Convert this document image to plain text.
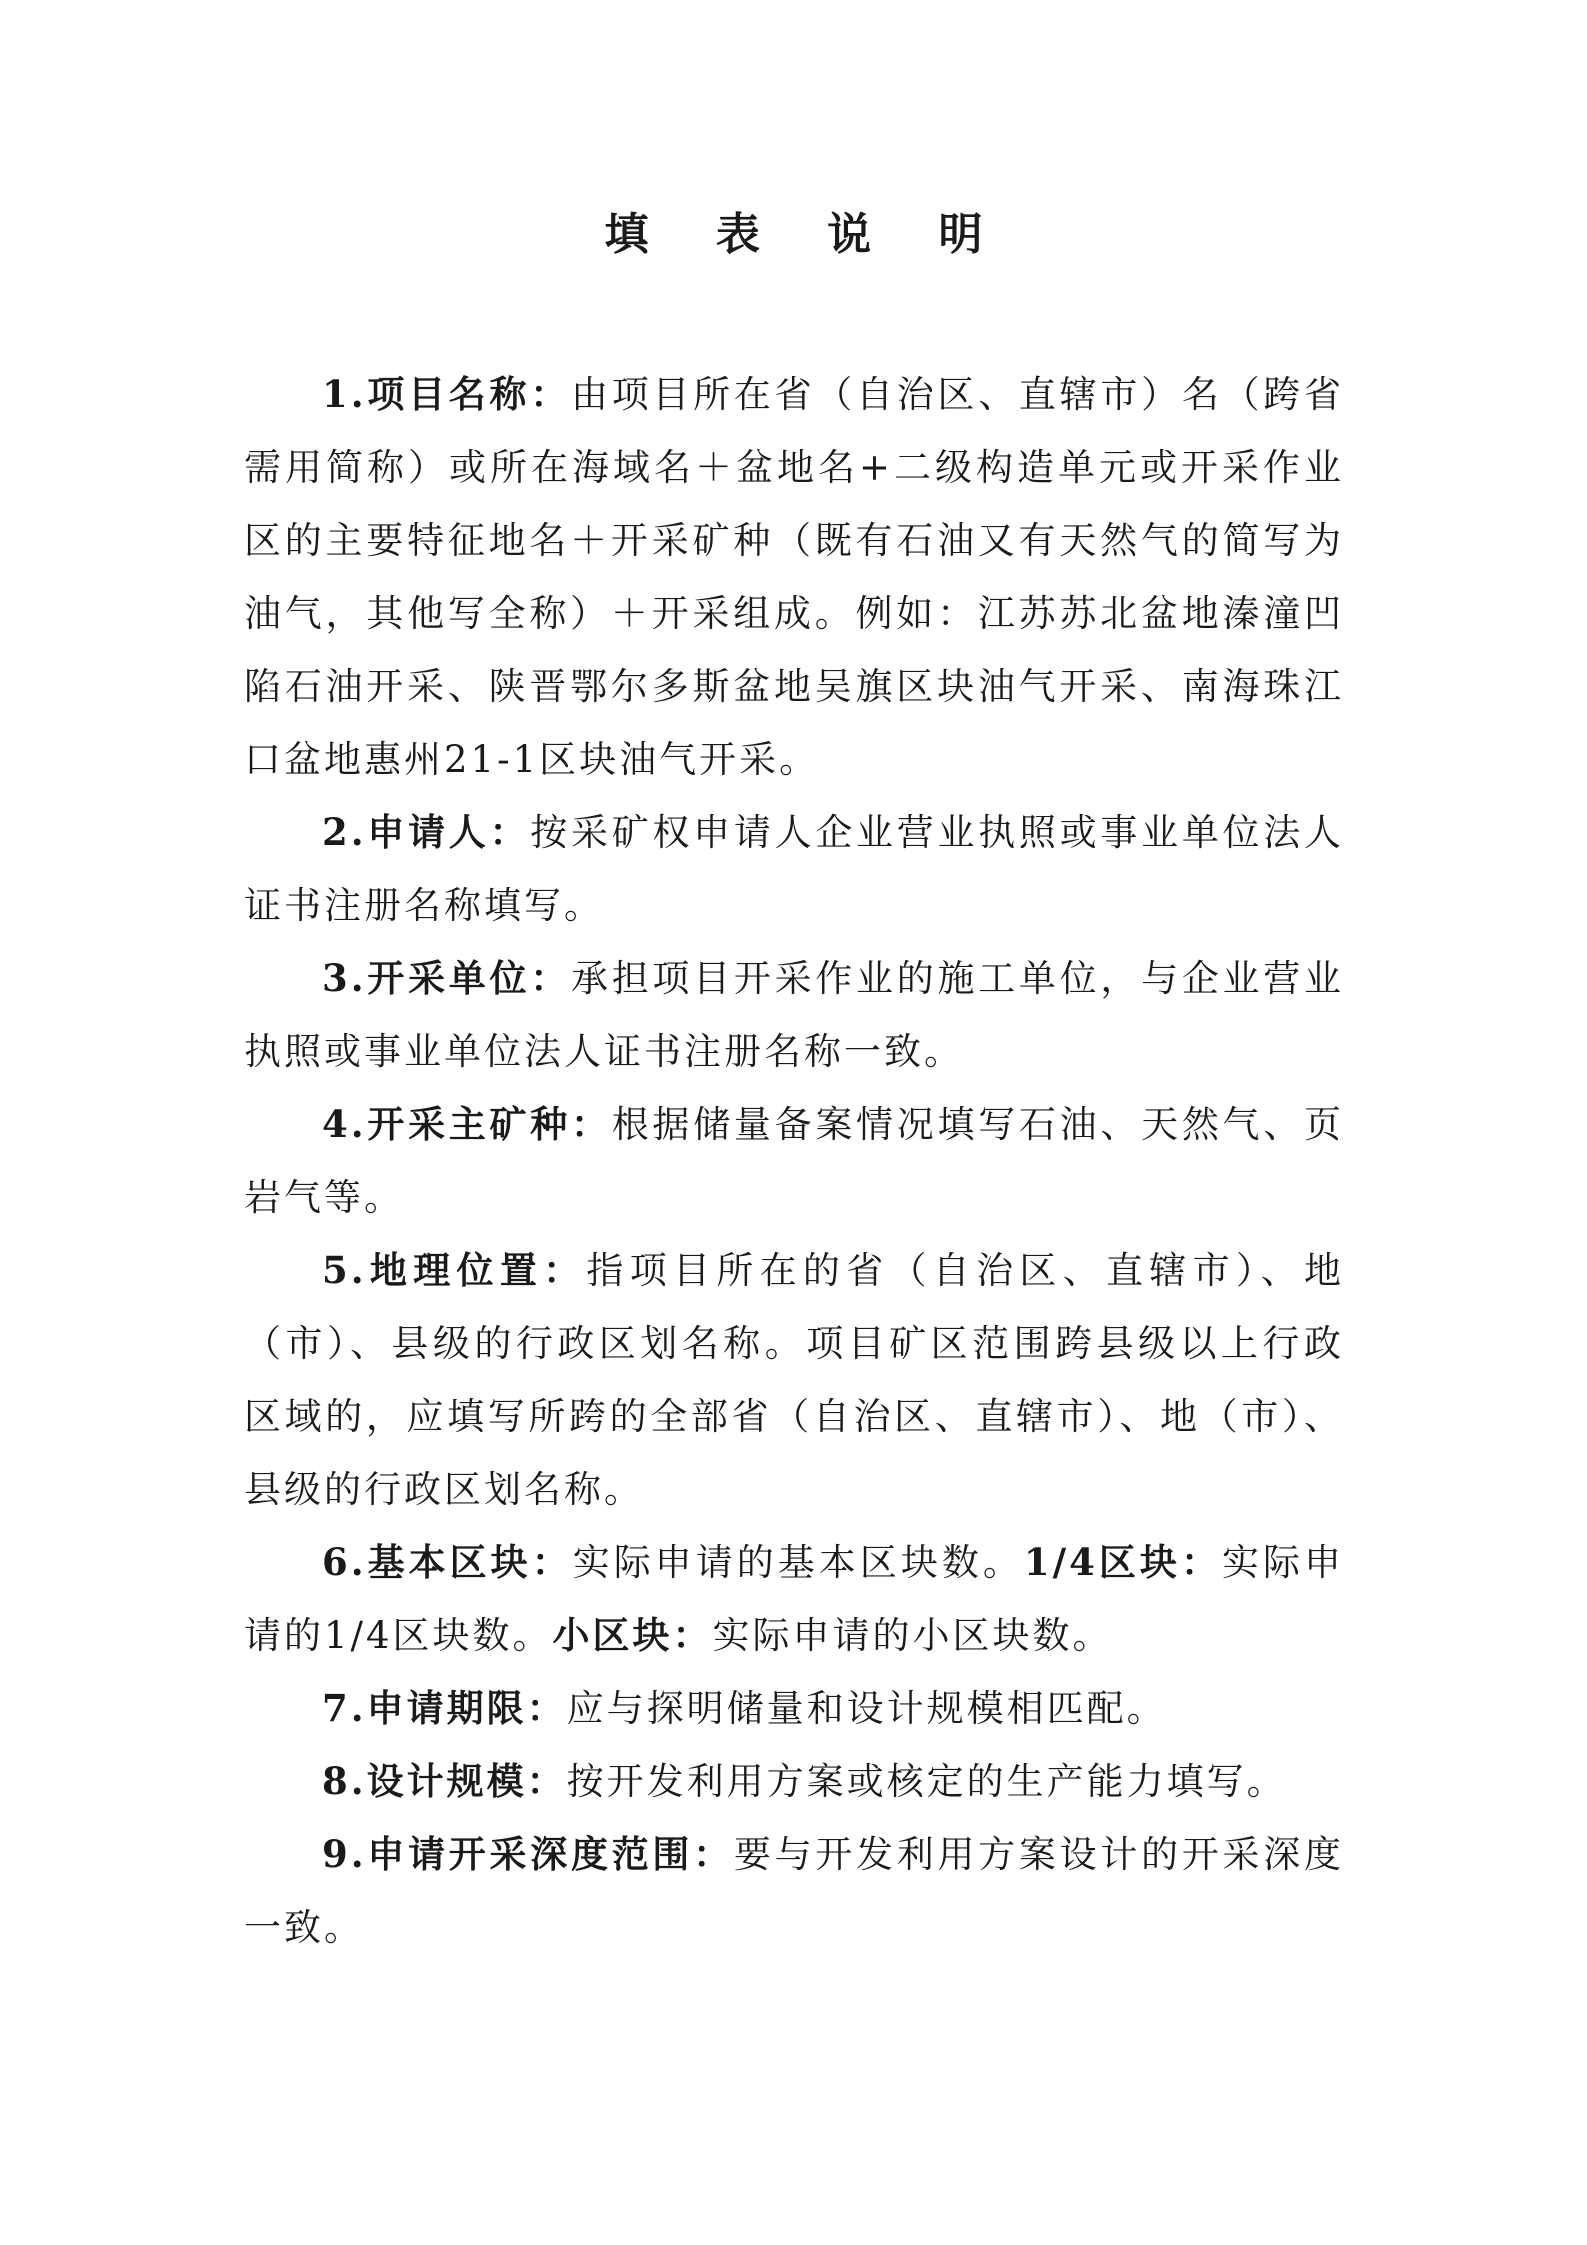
填 表 说 明

1.项目名称：由项目所在省（自治区、直辖市）名（跨省需用简称）或所在海域名＋盆地名+二级构造单元或开采作业区的主要特征地名＋开采矿种（既有石油又有天然气的简写为油气，其他写全称）＋开采组成。例如：江苏苏北盆地溱潼凹陷石油开采、陕晋鄂尔多斯盆地吴旗区块油气开采、南海珠江口盆地惠州21-1区块油气开采。

2.申请人：按采矿权申请人企业营业执照或事业单位法人证书注册名称填写。

3.开采单位：承担项目开采作业的施工单位，与企业营业执照或事业单位法人证书注册名称一致。

4.开采主矿种：根据储量备案情况填写石油、天然气、页岩气等。

5.地理位置：指项目所在的省（自治区、直辖市）、地（市）、县级的行政区划名称。项目矿区范围跨县级以上行政区域的，应填写所跨的全部省（自治区、直辖市）、地（市）、县级的行政区划名称。

6.基本区块：实际申请的基本区块数。1/4区块：实际申请的1/4区块数。小区块：实际申请的小区块数。

7.申请期限：应与探明储量和设计规模相匹配。

8.设计规模：按开发利用方案或核定的生产能力填写。

9.申请开采深度范围：要与开发利用方案设计的开采深度一致。
